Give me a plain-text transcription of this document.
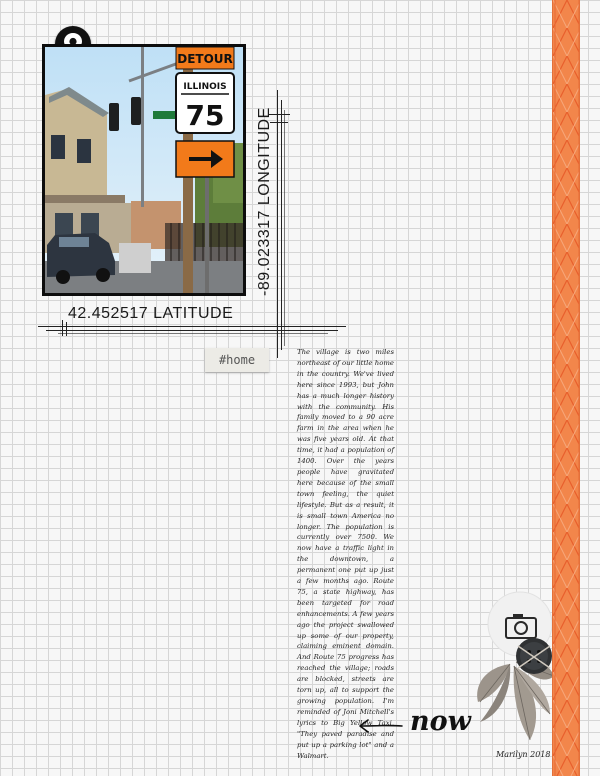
DETOUR
ILLINOIS
75
42.452517 LATITUDE
-89.023317 LONGITUDE
#home
The village is two miles northeast of our little home in the country. We've lived here since 1993, but John has a much longer history with the community. His family moved to a 90 acre farm in the area when he was five years old. At that time, it had a population of 1400. Over the years people have gravitated here because of the small town feeling, the quiet lifestyle. But as a result, it is small town America no longer. The population is currently over 7500. We now have a traffic light in the downtown, a permanent one put up just a few months ago. Route 75, a state highway, has been targeted for road enhancements. A few years ago the project swallowed up some of our property, claiming eminent domain. And Route 75 progress has reached the village; roads are blocked, streets are torn up, all to support the growing population. I'm reminded of Joni Mitchell's lyrics to Big Yellow Taxi, "They paved paradise and put up a parking lot" and a Walmart.
now
Marilyn 2018
